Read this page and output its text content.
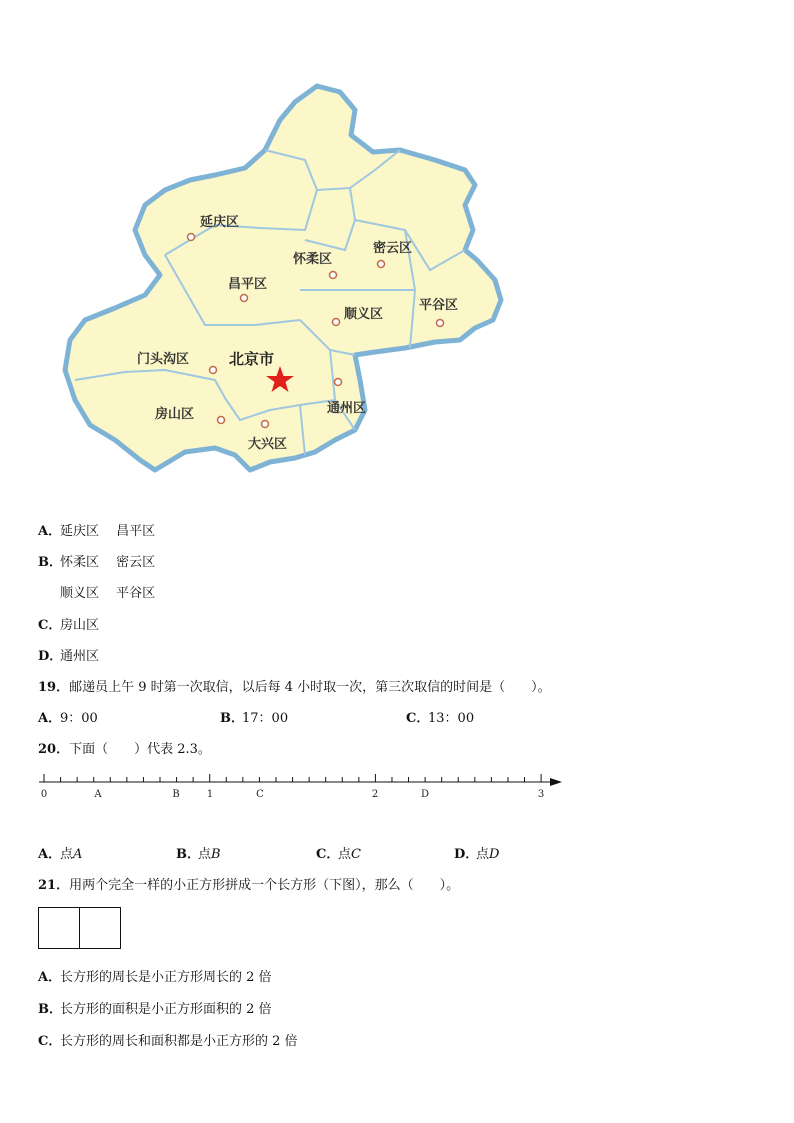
延庆区
怀柔区
密云区
昌平区
顺义区
平谷区
门头沟区
通州区
房山区
大兴区
北京市
A．延庆区　 昌平区
B．怀柔区　 密云区
顺义区　 平谷区
C．房山区
D．通州区
19．邮递员上午 9 时第一次取信，以后每 4 小时取一次，第三次取信的时间是（　　）。
A．9：00	B．17：00	C．13：00
20．下面（　　）代表 2.3。
0	1	2	3
A	B	C	D
A．点A	B．点B	C．点C	D．点D
21．用两个完全一样的小正方形拼成一个长方形（下图），那么（　　）。
A．长方形的周长是小正方形周长的 2 倍
B．长方形的面积是小正方形面积的 2 倍
C．长方形的周长和面积都是小正方形的 2 倍
